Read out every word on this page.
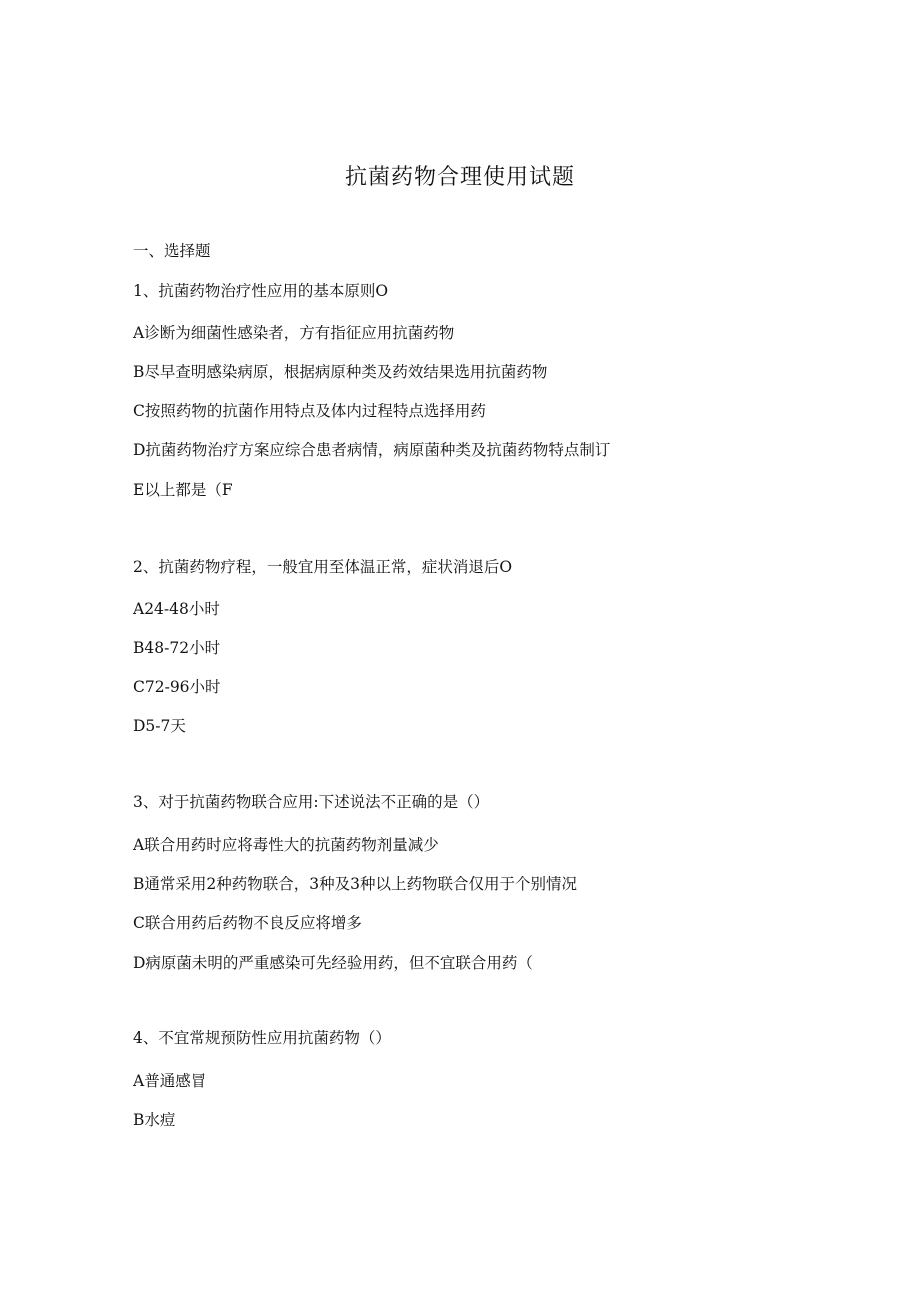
抗菌药物合理使用试题

一、选择题

1、抗菌药物治疗性应用的基本原则O

A诊断为细菌性感染者，方有指征应用抗菌药物

B尽早查明感染病原，根据病原种类及药效结果选用抗菌药物

C按照药物的抗菌作用特点及体内过程特点选择用药

D抗菌药物治疗方案应综合患者病情，病原菌种类及抗菌药物特点制订

E以上都是（F

2、抗菌药物疗程，一般宜用至体温正常，症状消退后O

A24-48小时

B48-72小时

C72-96小时

D5-7天

3、对于抗菌药物联合应用:下述说法不正确的是（）

A联合用药时应将毒性大的抗菌药物剂量减少

B通常采用2种药物联合，3种及3种以上药物联合仅用于个别情况

C联合用药后药物不良反应将增多

D病原菌未明的严重感染可先经验用药，但不宜联合用药（

4、不宜常规预防性应用抗菌药物（）

A普通感冒

B水痘
